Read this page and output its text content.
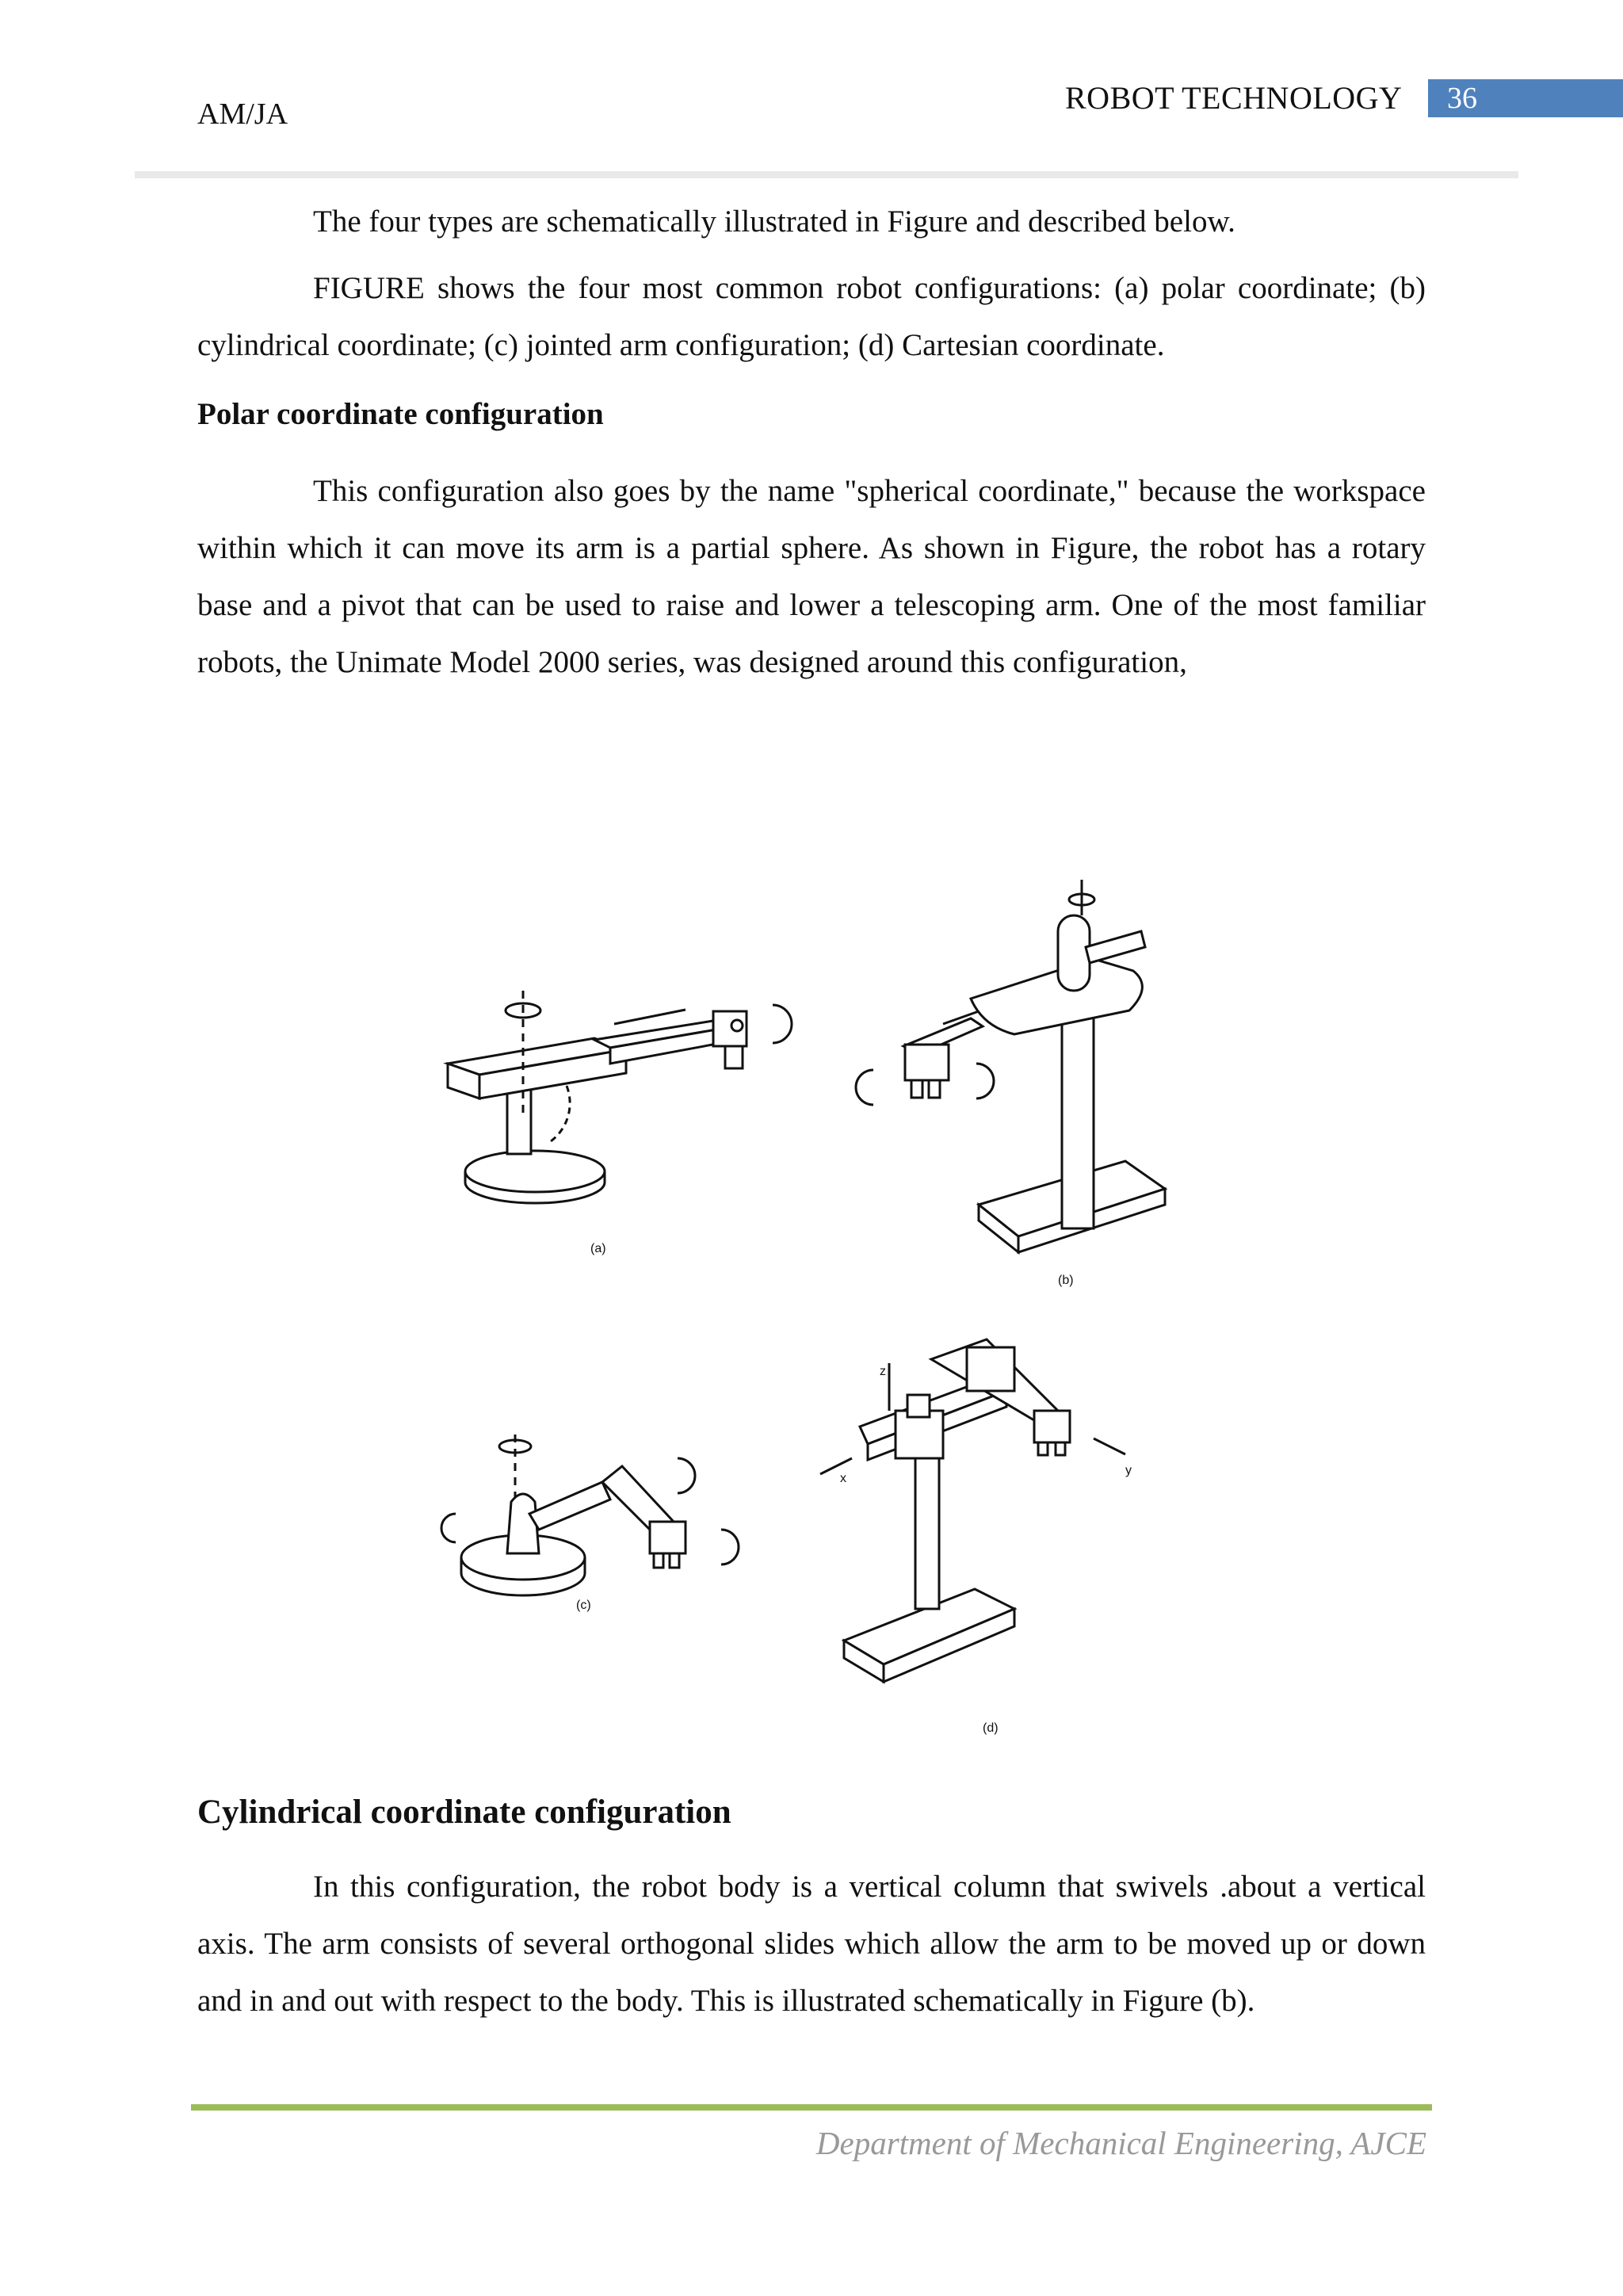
AM/JA	ROBOT TECHNOLOGY	36

The four types are schematically illustrated in Figure and described below.

FIGURE shows the four most common robot configurations: (a) polar coordinate; (b) cylindrical coordinate; (c) jointed arm configuration; (d) Cartesian coordinate.

Polar coordinate configuration

This configuration also goes by the name "spherical coordinate," because the workspace within which it can move its arm is a partial sphere. As shown in Figure, the robot has a rotary base and a pivot that can be used to raise and lower a telescoping arm. One of the most familiar robots, the Unimate Model 2000 series, was designed around this configuration,

(a)
(b)
(c)
z
x
y
(d)
Cylindrical coordinate configuration

In this configuration, the robot body is a vertical column that swivels .about a vertical axis. The arm consists of several orthogonal slides which allow the arm to be moved up or down and in and out with respect to the body. This is illustrated schematically in Figure (b).

Department of Mechanical Engineering, AJCE
